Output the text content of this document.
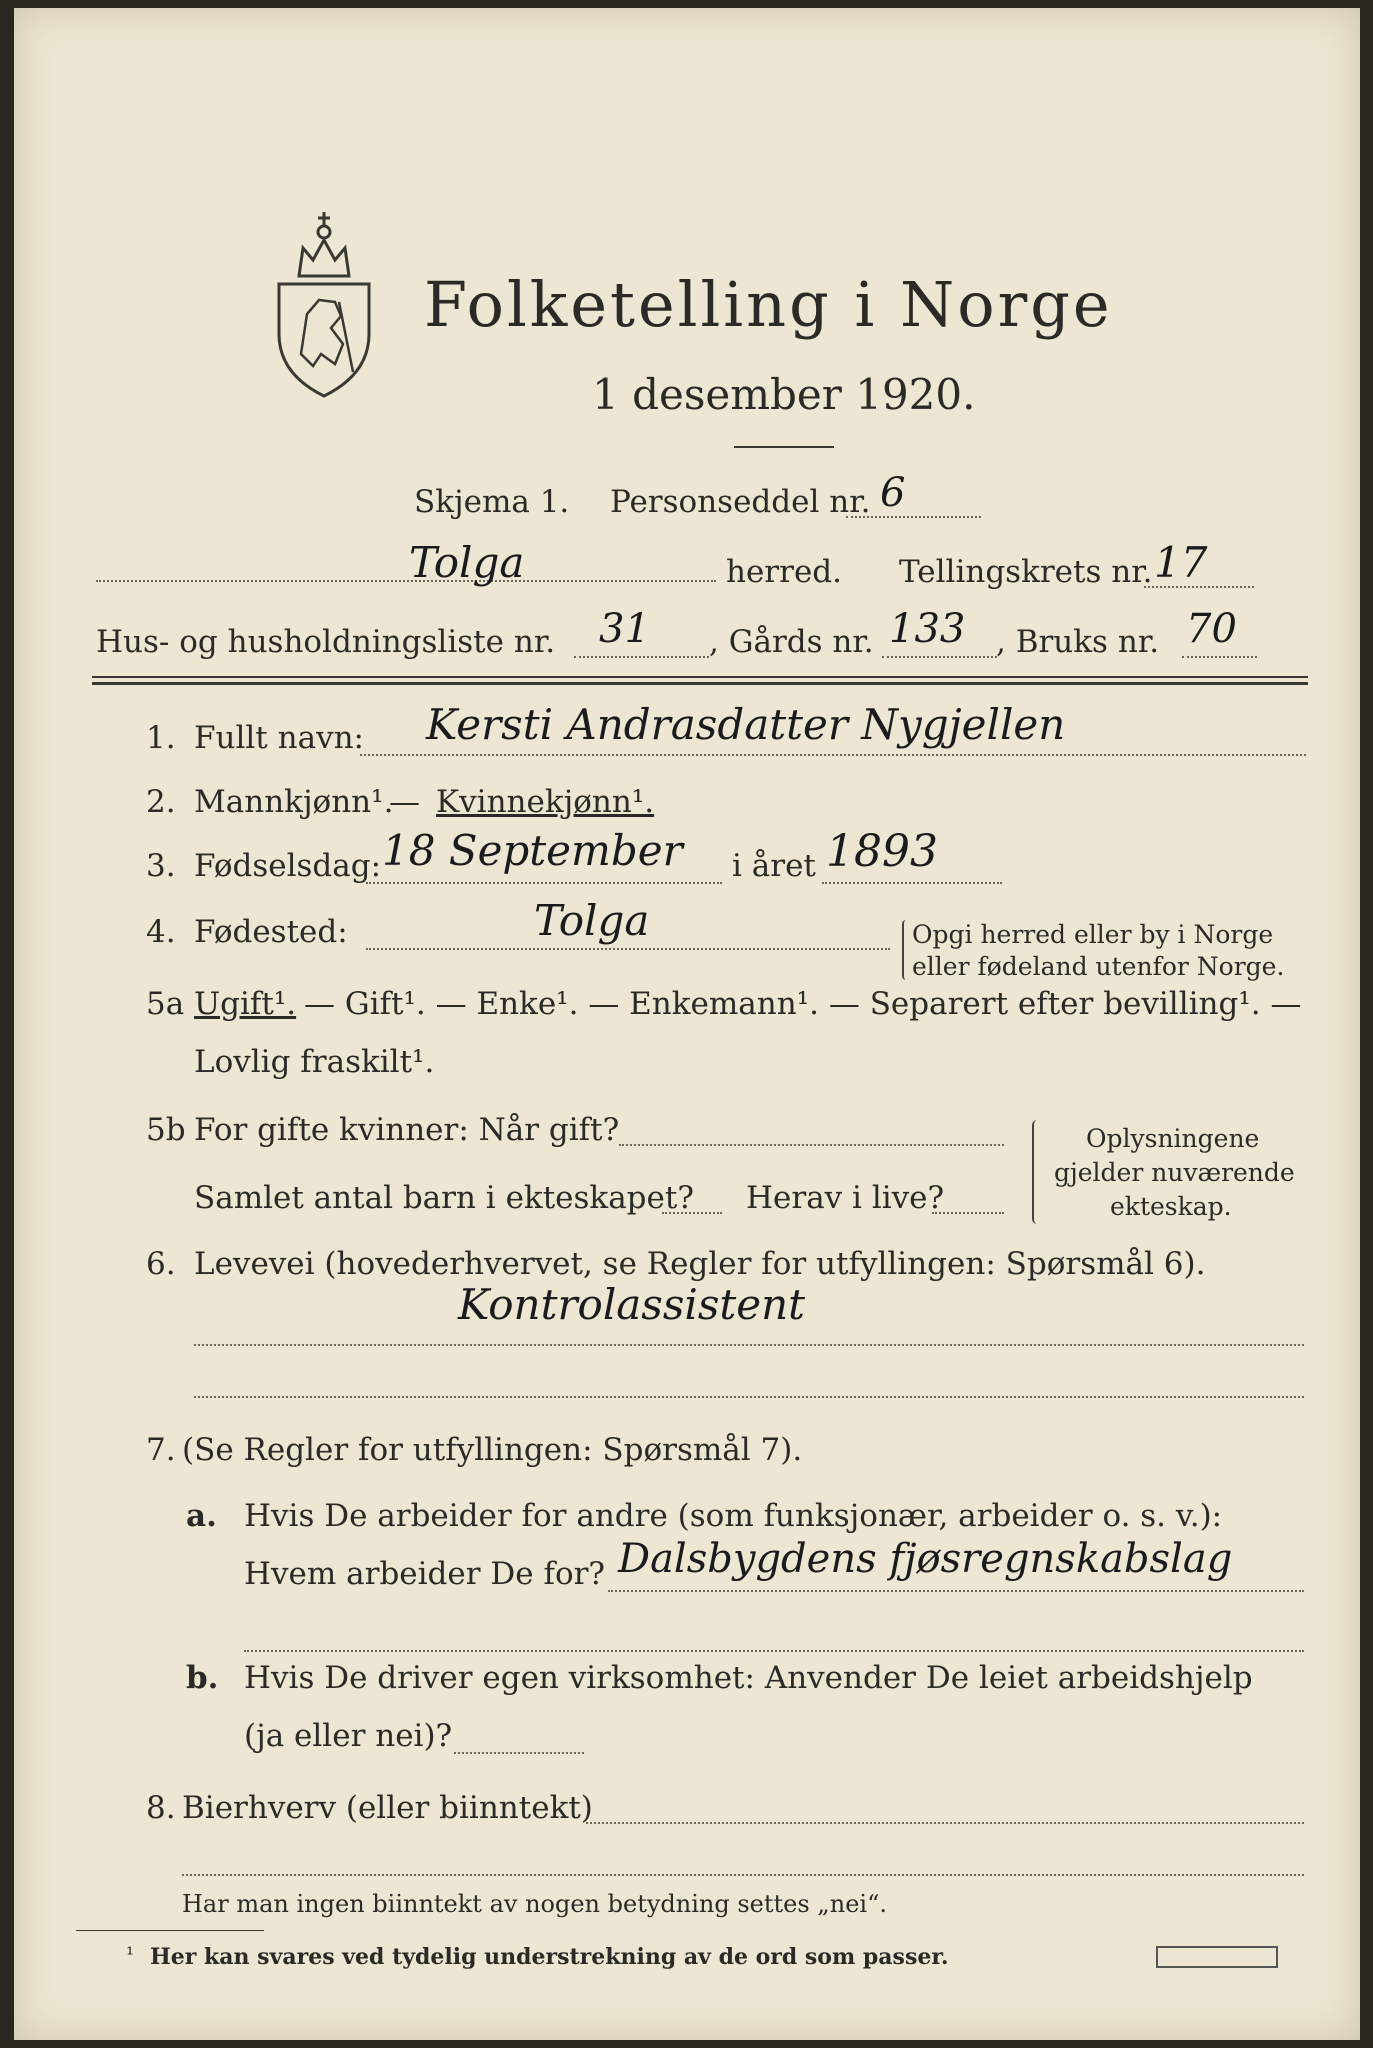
Folketelling i Norge
1 desember 1920.
Skjema 1. Personseddel nr. 6
Tolga	herred. Tellingskrets nr. 17
Hus- og husholdningsliste nr. 31 , Gårds nr. 133 , Bruks nr. 70
1. Fullt navn: Kersti Andrasdatter Nygjellen
2. Mannkjønn¹.
— Kvinnekjønn¹.
3. Fødselsdag: 18 September i året 1893
4. Fødested:	Tolga	Opgi herred eller by i Norge
eller fødeland utenfor Norge.
5a Ugift¹. — Gift¹. — Enke¹. — Enkemann¹. — Separert efter bevilling¹. —
Lovlig fraskilt¹.
5b For gifte kvinner: Når gift?
Samlet antal barn i ekteskapet? Herav i live?
Oplysningene
gjelder nuværende
ekteskap.
6. Levevei (hovederhvervet, se Regler for utfyllingen: Spørsmål 6).
Kontrolassistent
7. (Se Regler for utfyllingen: Spørsmål 7).
a. Hvis De arbeider for andre (som funksjonær, arbeider o. s. v.):
Hvem arbeider De for? Dalsbygdens fjøsregnskabslag
b. Hvis De driver egen virksomhet: Anvender De leiet arbeidshjelp
(ja eller nei)?
8. Bierhverv (eller biinntekt)
Har man ingen biinntekt av nogen betydning settes „nei“.
¹ Her kan svares ved tydelig understrekning av de ord som passer.
